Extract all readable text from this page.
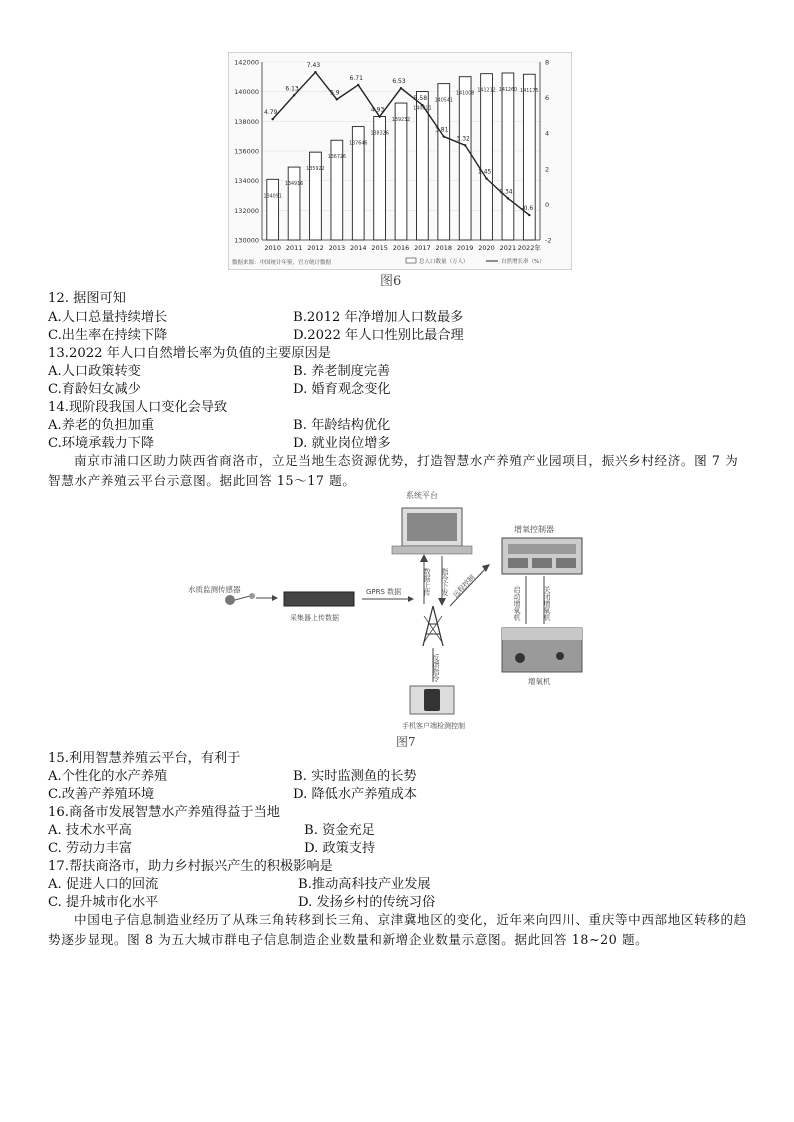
134091
134916
135922
136726
137646
138326
139232
140011
140541
141008
141212 141260 141175
4.79
6.13
7.43
5.9
6.71
4.93
6.53
5.58
3.81
3.32
1.45
0.34
-0.6
142000
140000
138000
136000
134000
132000
130000
8
6
4
2
0
-2
2010 2011 2012 2013 2014 2015 2016 2017 2018 2019 2020 2021 2022年
数据来源：中国统计年鉴，官方统计数据	总人口数量（万人）	自然增长率（%）
图6
12. 据图可知
A.人口总量持续增长	B.2012 年净增加人口数最多
C.出生率在持续下降	D.2022 年人口性别比最合理
13.2022 年人口自然增长率为负值的主要原因是
A.人口政策转变	B. 养老制度完善
C.育龄妇女减少	D. 婚育观念变化
14.现阶段我国人口变化会导致
A.养老的负担加重	B. 年龄结构优化
C.环境承载力下降	D. 就业岗位增多
南京市浦口区助力陕西省商洛市，立足当地生态资源优势，打造智慧水产养殖产业园项目，振兴乡村经济。图 7 为智慧水产养殖云平台示意图。据此回答 15～17 题。
系统平台
数据上传 指令下发
水质监测传感器
采集器上传数据
GPRS 数据	远程控制
增氧控制器
启动增氧机	关闭增氧机
增氧机
反馈指令
手机客户端检测控制
图7
15.利用智慧养殖云平台，有利于
A.个性化的水产养殖	B. 实时监测鱼的长势
C.改善产养殖环境	D. 降低水产养殖成本
16.商备市发展智慧水产养殖得益于当地
A. 技术水平高	B. 资金充足
C. 劳动力丰富	D. 政策支持
17.帮扶商洛市，助力乡村振兴产生的积极影响是
A. 促进人口的回流	B.推动高科技产业发展
C. 提升城市化水平	D. 发扬乡村的传统习俗
中国电子信息制造业经历了从珠三角转移到长三角、京津冀地区的变化，近年来向四川、重庆等中西部地区转移的趋势逐步显现。图 8 为五大城市群电子信息制造企业数量和新增企业数量示意图。据此回答 18~20 题。
